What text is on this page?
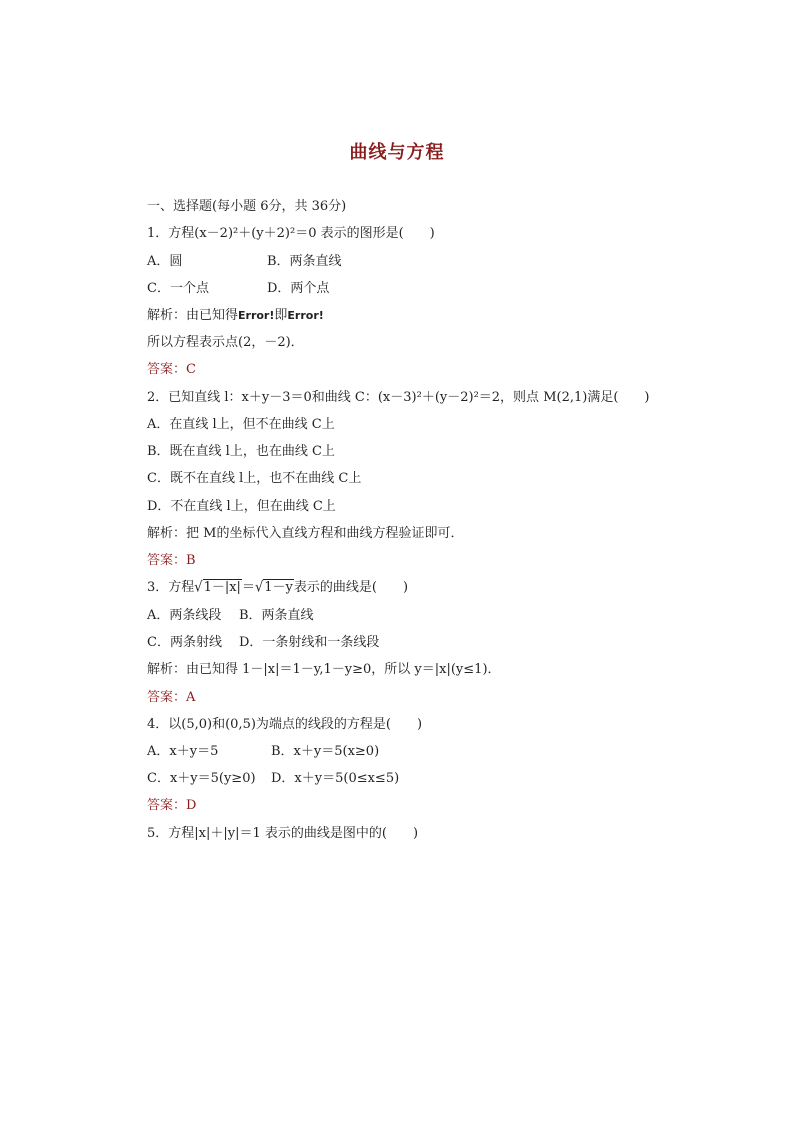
曲线与方程
一、选择题(每小题 6分，共 36分)
1．方程(x－2)²＋(y＋2)²＝0 表示的图形是(　　)
A．圆	B．两条直线
C．一个点	D．两个点
解析：由已知得Error!即Error!
所以方程表示点(2，－2)．
答案：C
2．已知直线 l：x＋y－3＝0和曲线 C：(x－3)²＋(y－2)²＝2，则点 M(2,1)满足(　　)
A．在直线 l上，但不在曲线 C上
B．既在直线 l上，也在曲线 C上
C．既不在直线 l上，也不在曲线 C上
D．不在直线 l上，但在曲线 C上
解析：把 M的坐标代入直线方程和曲线方程验证即可．
答案：B
3．方程√1－|x|＝√1－y表示的曲线是(　　)
A．两条线段 B．两条直线
C．两条射线 D．一条射线和一条线段
解析：由已知得 1－|x|＝1－y,1－y≥0，所以 y＝|x|(y≤1)．
答案：A
4．以(5,0)和(0,5)为端点的线段的方程是(　　)
A．x＋y＝5	B．x＋y＝5(x≥0)
C．x＋y＝5(y≥0) D．x＋y＝5(0≤x≤5)
答案：D
5．方程|x|＋|y|＝1 表示的曲线是图中的(　　)
